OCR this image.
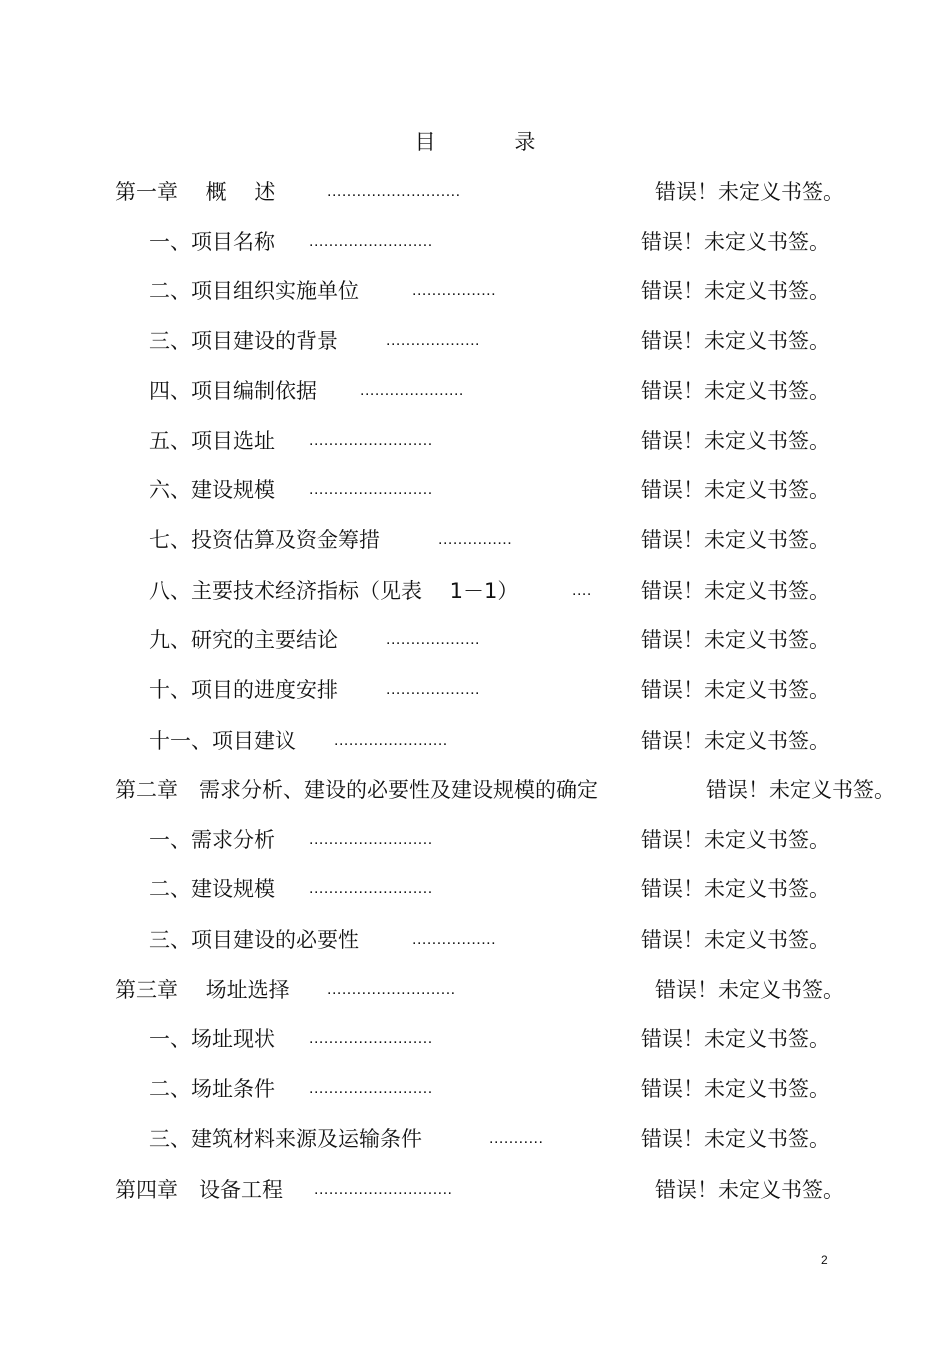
目 录
第一章　 概　 述	...........................	错误！未定义书签。
一、项目名称 .........................	错误！未定义书签。
二、项目组织实施单位	.................	错误！未定义书签。
三、项目建设的背景	...................	错误！未定义书签。
四、项目编制依据	.....................	错误！未定义书签。
五、项目选址 .........................	错误！未定义书签。
六、建设规模 .........................	错误！未定义书签。
七、投资估算及资金筹措	...............	错误！未定义书签。
八、主要技术经济指标（见表　 1－1）	.... 错误！未定义书签。
九、研究的主要结论	...................	错误！未定义书签。
十、项目的进度安排	...................	错误！未定义书签。
十一、项目建议 .......................	错误！未定义书签。
第二章　需求分析、建设的必要性及建设规模的确定	错误！未定义书签。
一、需求分析 .........................	错误！未定义书签。
二、建设规模 .........................	错误！未定义书签。
三、项目建设的必要性	.................	错误！未定义书签。
第三章　 场址选择 ..........................	错误！未定义书签。
一、场址现状 .........................	错误！未定义书签。
二、场址条件 .........................	错误！未定义书签。
三、建筑材料来源及运输条件	...........	错误！未定义书签。
第四章　设备工程 ............................	错误！未定义书签。
2
